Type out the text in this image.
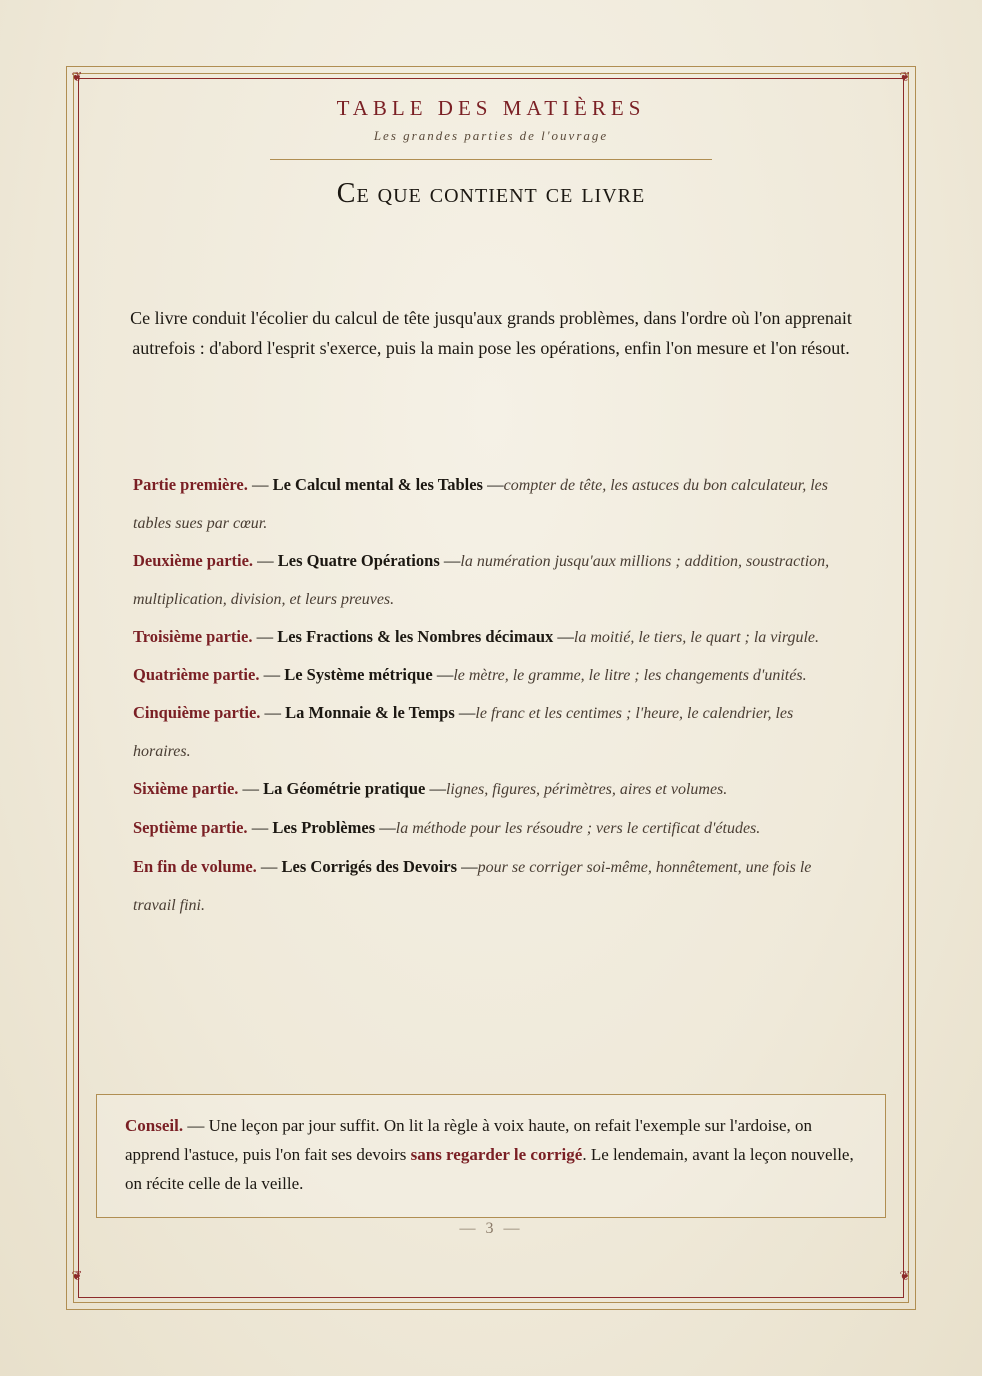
❦	❦
❦	❦
TABLE DES MATIÈRES
Les grandes parties de l'ouvrage
Ce que contient ce livre

Ce livre conduit l'écolier du calcul de tête jusqu'aux grands problèmes, dans l'ordre où l'on apprenait autrefois : d'abord l'esprit s'exerce, puis la main pose les opérations, enfin l'on mesure et l'on résout.

Partie première. — Le Calcul mental & les Tables —compter de tête, les astuces du bon calculateur, les tables sues par cœur.
Deuxième partie. — Les Quatre Opérations —la numération jusqu'aux millions ; addition, soustraction, multiplication, division, et leurs preuves.
Troisième partie. — Les Fractions & les Nombres décimaux —la moitié, le tiers, le quart ; la virgule.
Quatrième partie. — Le Système métrique —le mètre, le gramme, le litre ; les changements d'unités.
Cinquième partie. — La Monnaie & le Temps —le franc et les centimes ; l'heure, le calendrier, les horaires.
Sixième partie. — La Géométrie pratique —lignes, figures, périmètres, aires et volumes.
Septième partie. — Les Problèmes —la méthode pour les résoudre ; vers le certificat d'études.
En fin de volume. — Les Corrigés des Devoirs —pour se corriger soi-même, honnêtement, une fois le travail fini.
Conseil. — Une leçon par jour suffit. On lit la règle à voix haute, on refait l'exemple sur l'ardoise, on apprend l'astuce, puis l'on fait ses devoirs sans regarder le corrigé. Le lendemain, avant la leçon nouvelle, on récite celle de la veille.
— 3 —
